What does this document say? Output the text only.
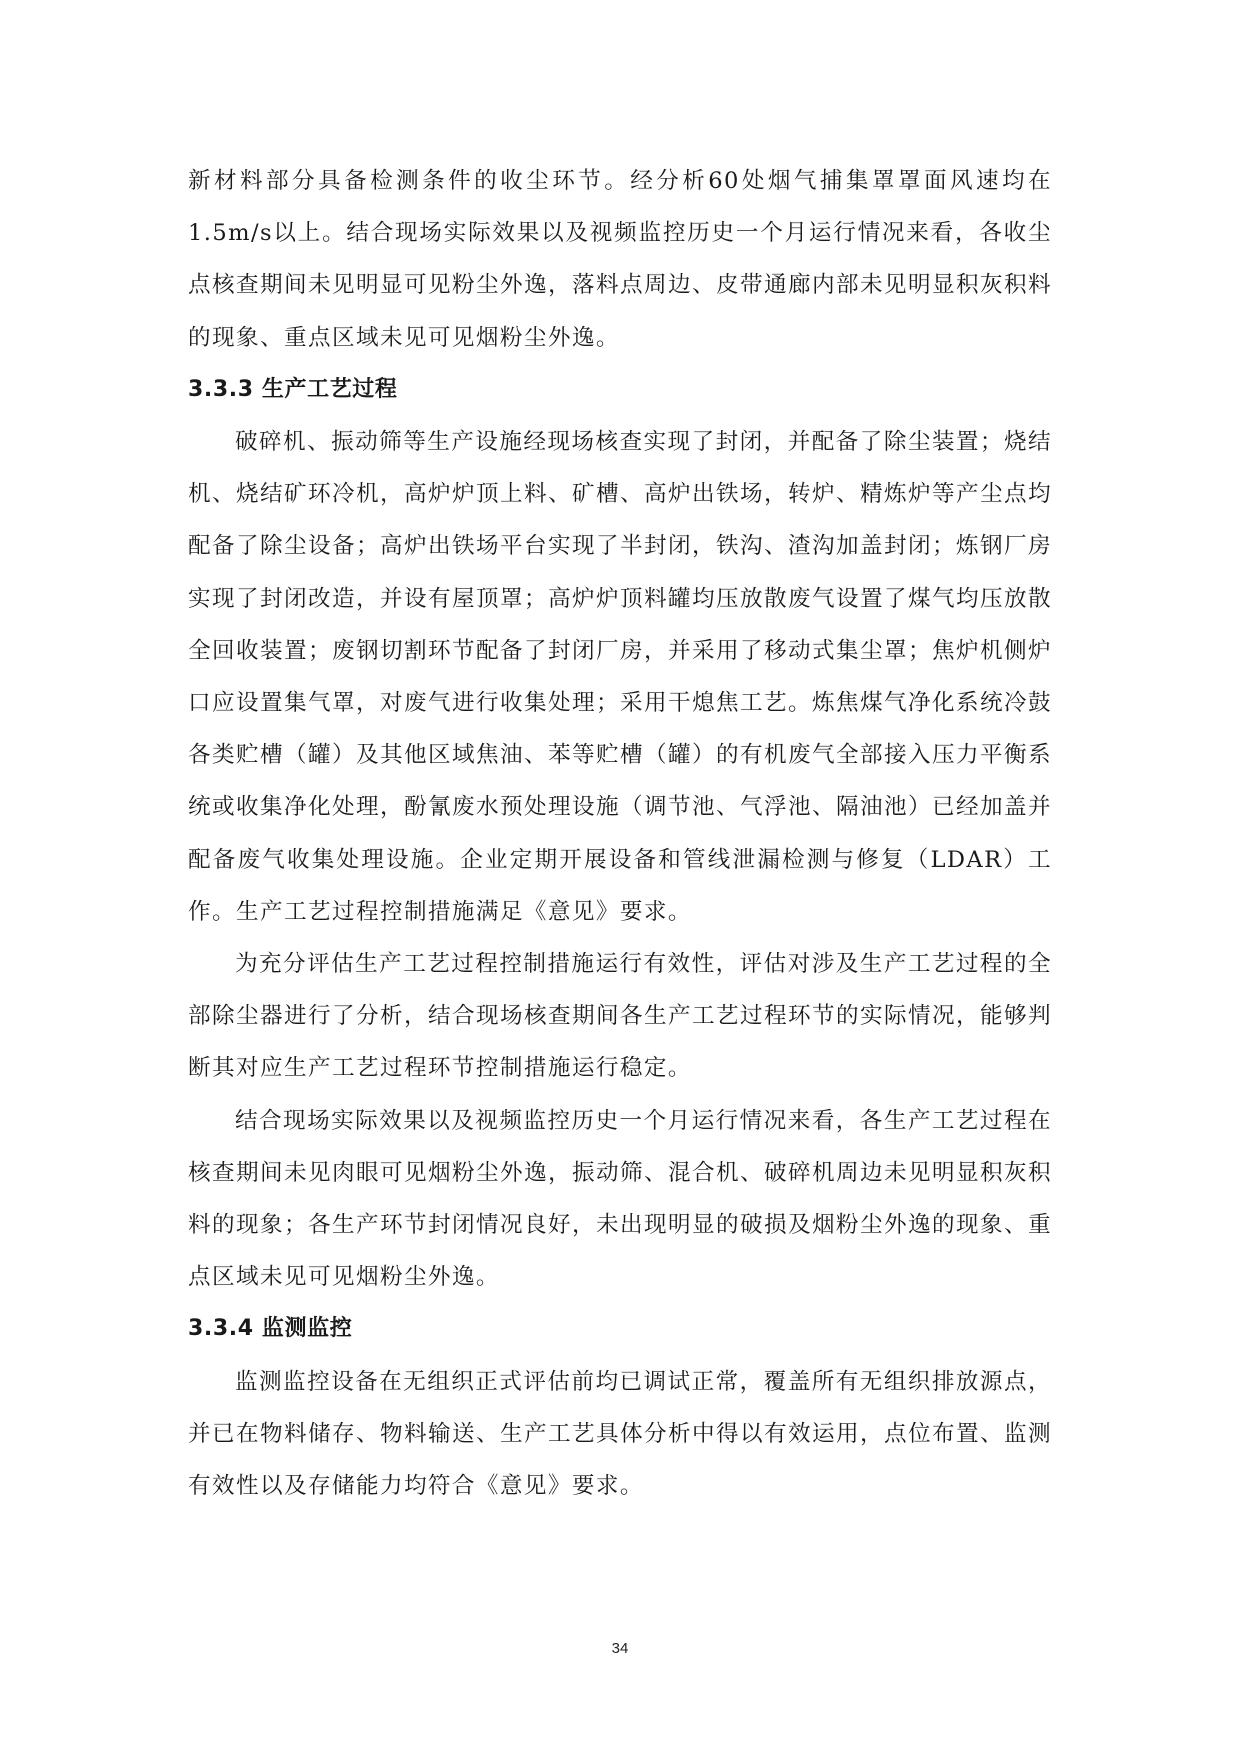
新材料部分具备检测条件的收尘环节。经分析60处烟气捕集罩罩面风速均在1.5m/s以上。结合现场实际效果以及视频监控历史一个月运行情况来看，各收尘点核查期间未见明显可见粉尘外逸，落料点周边、皮带通廊内部未见明显积灰积料的现象、重点区域未见可见烟粉尘外逸。

3.3.3 生产工艺过程

破碎机、振动筛等生产设施经现场核查实现了封闭，并配备了除尘装置；烧结机、烧结矿环冷机，高炉炉顶上料、矿槽、高炉出铁场，转炉、精炼炉等产尘点均配备了除尘设备；高炉出铁场平台实现了半封闭，铁沟、渣沟加盖封闭；炼钢厂房实现了封闭改造，并设有屋顶罩；高炉炉顶料罐均压放散废气设置了煤气均压放散全回收装置；废钢切割环节配备了封闭厂房，并采用了移动式集尘罩；焦炉机侧炉口应设置集气罩，对废气进行收集处理；采用干熄焦工艺。炼焦煤气净化系统冷鼓各类贮槽（罐）及其他区域焦油、苯等贮槽（罐）的有机废气全部接入压力平衡系统或收集净化处理，酚氰废水预处理设施（调节池、气浮池、隔油池）已经加盖并配备废气收集处理设施。企业定期开展设备和管线泄漏检测与修复（LDAR）工作。生产工艺过程控制措施满足《意见》要求。

为充分评估生产工艺过程控制措施运行有效性，评估对涉及生产工艺过程的全部除尘器进行了分析，结合现场核查期间各生产工艺过程环节的实际情况，能够判断其对应生产工艺过程环节控制措施运行稳定。

结合现场实际效果以及视频监控历史一个月运行情况来看，各生产工艺过程在核查期间未见肉眼可见烟粉尘外逸，振动筛、混合机、破碎机周边未见明显积灰积料的现象；各生产环节封闭情况良好，未出现明显的破损及烟粉尘外逸的现象、重点区域未见可见烟粉尘外逸。

3.3.4 监测监控

监测监控设备在无组织正式评估前均已调试正常，覆盖所有无组织排放源点，并已在物料储存、物料输送、生产工艺具体分析中得以有效运用，点位布置、监测有效性以及存储能力均符合《意见》要求。

34
